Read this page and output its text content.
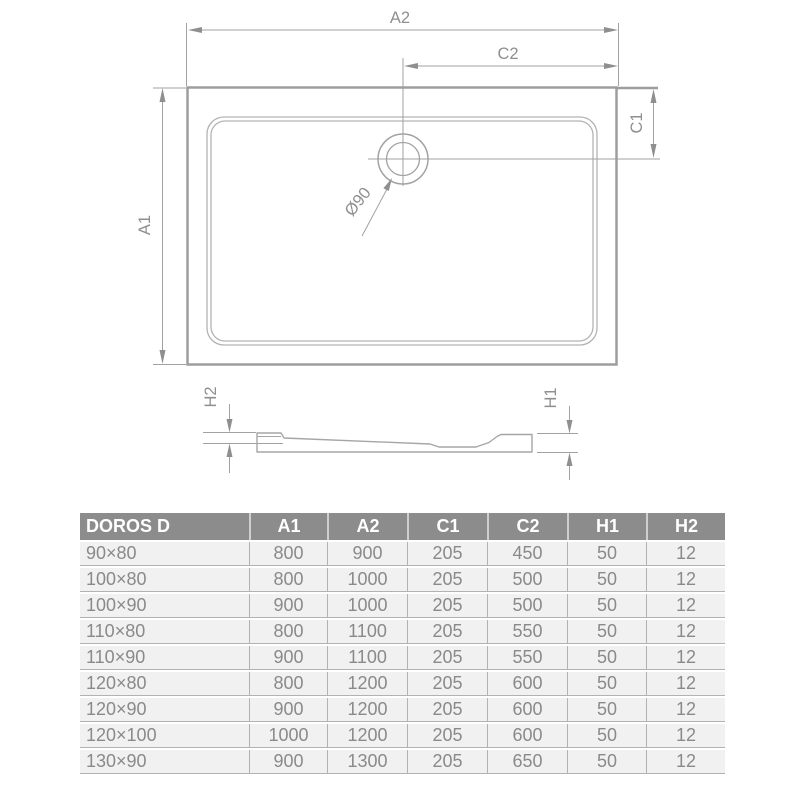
A2
C2
C1
A1
Ø90
H2	H1
DOROS D	A1	A2	C1	C2	H1	H2
90×80	800	900	205	450	50	12
100×80	800	1000	205	500	50	12
100×90	900	1000	205	500	50	12
110×80	800	1100	205	550	50	12
110×90	900	1100	205	550	50	12
120×80	800	1200	205	600	50	12
120×90	900	1200	205	600	50	12
120×100	1000	1200	205	600	50	12
130×90	900	1300	205	650	50	12
